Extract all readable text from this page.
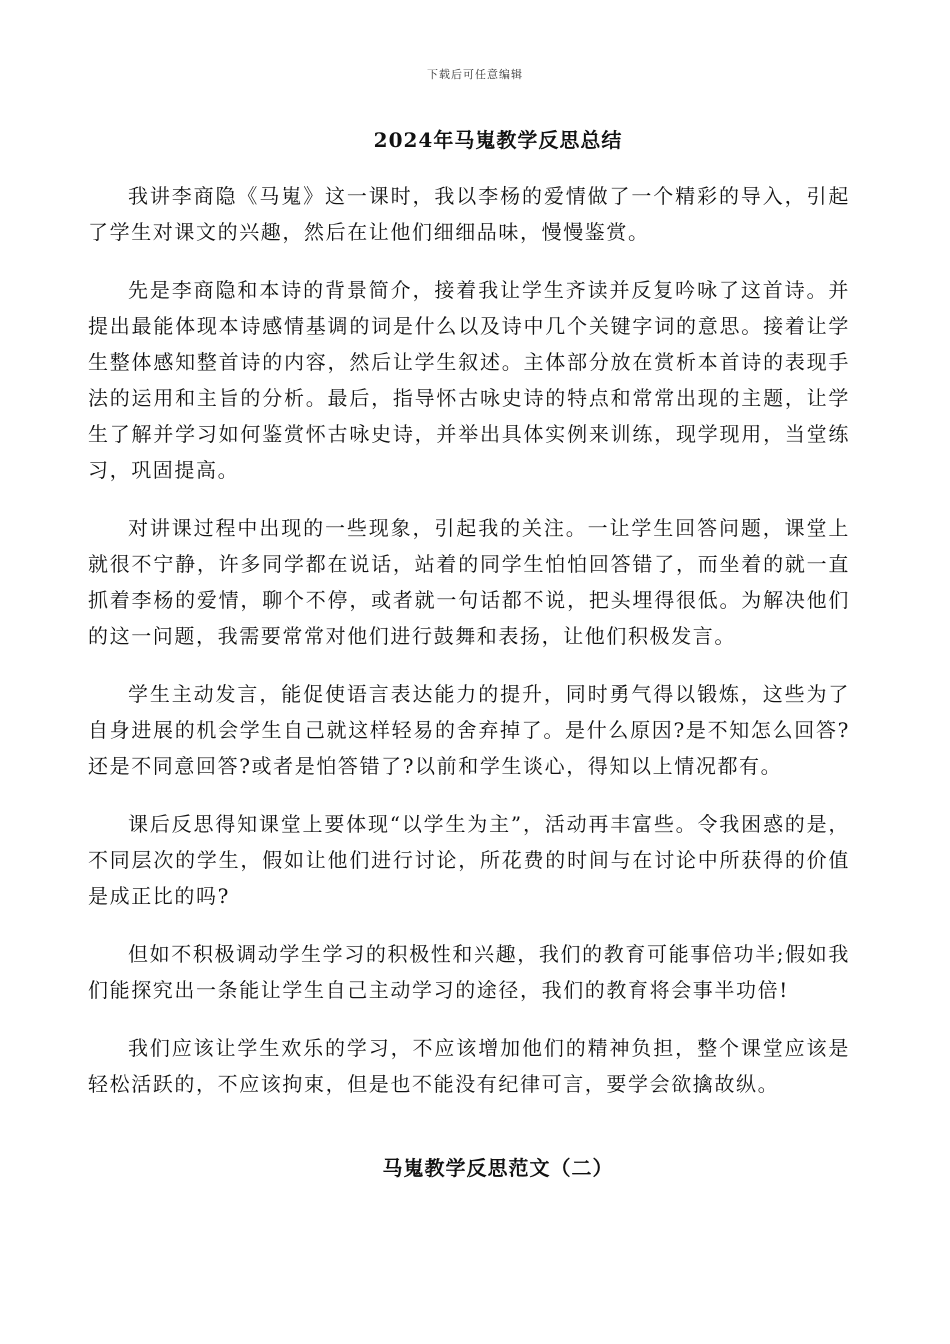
下载后可任意编辑
2024年马嵬教学反思总结

我讲李商隐《马嵬》这一课时，我以李杨的爱情做了一个精彩的导入，引起了学生对课文的兴趣，然后在让他们细细品味，慢慢鉴赏。

先是李商隐和本诗的背景简介，接着我让学生齐读并反复吟咏了这首诗。并提出最能体现本诗感情基调的词是什么以及诗中几个关键字词的意思。接着让学生整体感知整首诗的内容，然后让学生叙述。主体部分放在赏析本首诗的表现手法的运用和主旨的分析。最后，指导怀古咏史诗的特点和常常出现的主题，让学生了解并学习如何鉴赏怀古咏史诗，并举出具体实例来训练，现学现用，当堂练习，巩固提高。

对讲课过程中出现的一些现象，引起我的关注。一让学生回答问题，课堂上就很不宁静，许多同学都在说话，站着的同学生怕怕回答错了，而坐着的就一直抓着李杨的爱情，聊个不停，或者就一句话都不说，把头埋得很低。为解决他们的这一问题，我需要常常对他们进行鼓舞和表扬，让他们积极发言。

学生主动发言，能促使语言表达能力的提升，同时勇气得以锻炼，这些为了自身进展的机会学生自己就这样轻易的舍弃掉了。是什么原因?是不知怎么回答?还是不同意回答?或者是怕答错了?以前和学生谈心，得知以上情况都有。

课后反思得知课堂上要体现“以学生为主”，活动再丰富些。令我困惑的是，不同层次的学生，假如让他们进行讨论，所花费的时间与在讨论中所获得的价值是成正比的吗?

但如不积极调动学生学习的积极性和兴趣，我们的教育可能事倍功半;假如我们能探究出一条能让学生自己主动学习的途径，我们的教育将会事半功倍!

我们应该让学生欢乐的学习，不应该增加他们的精神负担，整个课堂应该是轻松活跃的，不应该拘束，但是也不能没有纪律可言，要学会欲擒故纵。

马嵬教学反思范文（二）
